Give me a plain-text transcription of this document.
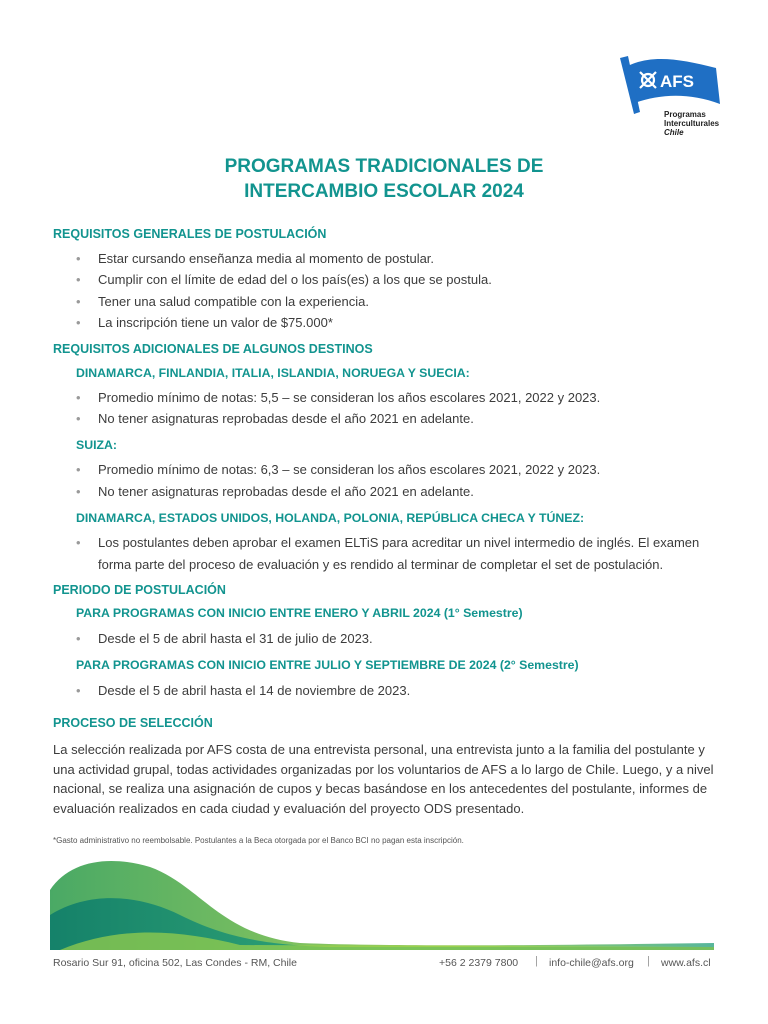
AFS
Programas
Interculturales
Chile
PROGRAMAS TRADICIONALES DE
INTERCAMBIO ESCOLAR 2024
REQUISITOS GENERALES DE POSTULACIÓN
• Estar cursando enseñanza media al momento de postular.
• Cumplir con el límite de edad del o los país(es) a los que se postula.
• Tener una salud compatible con la experiencia.
• La inscripción tiene un valor de $75.000*
REQUISITOS ADICIONALES DE ALGUNOS DESTINOS
DINAMARCA, FINLANDIA, ITALIA, ISLANDIA, NORUEGA Y SUECIA:
• Promedio mínimo de notas: 5,5 – se consideran los años escolares 2021, 2022 y 2023.
• No tener asignaturas reprobadas desde el año 2021 en adelante.
SUIZA:
• Promedio mínimo de notas: 6,3 – se consideran los años escolares 2021, 2022 y 2023.
• No tener asignaturas reprobadas desde el año 2021 en adelante.
DINAMARCA, ESTADOS UNIDOS, HOLANDA, POLONIA, REPÚBLICA CHECA Y TÚNEZ:
• Los postulantes deben aprobar el examen ELTiS para acreditar un nivel intermedio de inglés. El examen forma parte del proceso de evaluación y es rendido al terminar de completar el set de postulación.
PERIODO DE POSTULACIÓN
PARA PROGRAMAS CON INICIO ENTRE ENERO Y ABRIL 2024 (1° Semestre)
• Desde el 5 de abril hasta el 31 de julio de 2023.
PARA PROGRAMAS CON INICIO ENTRE JULIO Y SEPTIEMBRE DE 2024 (2° Semestre)
• Desde el 5 de abril hasta el 14 de noviembre de 2023.
PROCESO DE SELECCIÓN
La selección realizada por AFS costa de una entrevista personal, una entrevista junto a la familia del postulante y una actividad grupal, todas actividades organizadas por los voluntarios de AFS a lo largo de Chile. Luego, y a nivel nacional, se realiza una asignación de cupos y becas basándose en los antecedentes del postulante, informes de evaluación realizados en cada ciudad y evaluación del proyecto ODS presentado.
*Gasto administrativo no reembolsable. Postulantes a la Beca otorgada por el Banco BCI no pagan esta inscripción.
Rosario Sur 91, oficina 502, Las Condes - RM, Chile	+56 2 2379 7800 | info-chile@afs.org | www.afs.cl
